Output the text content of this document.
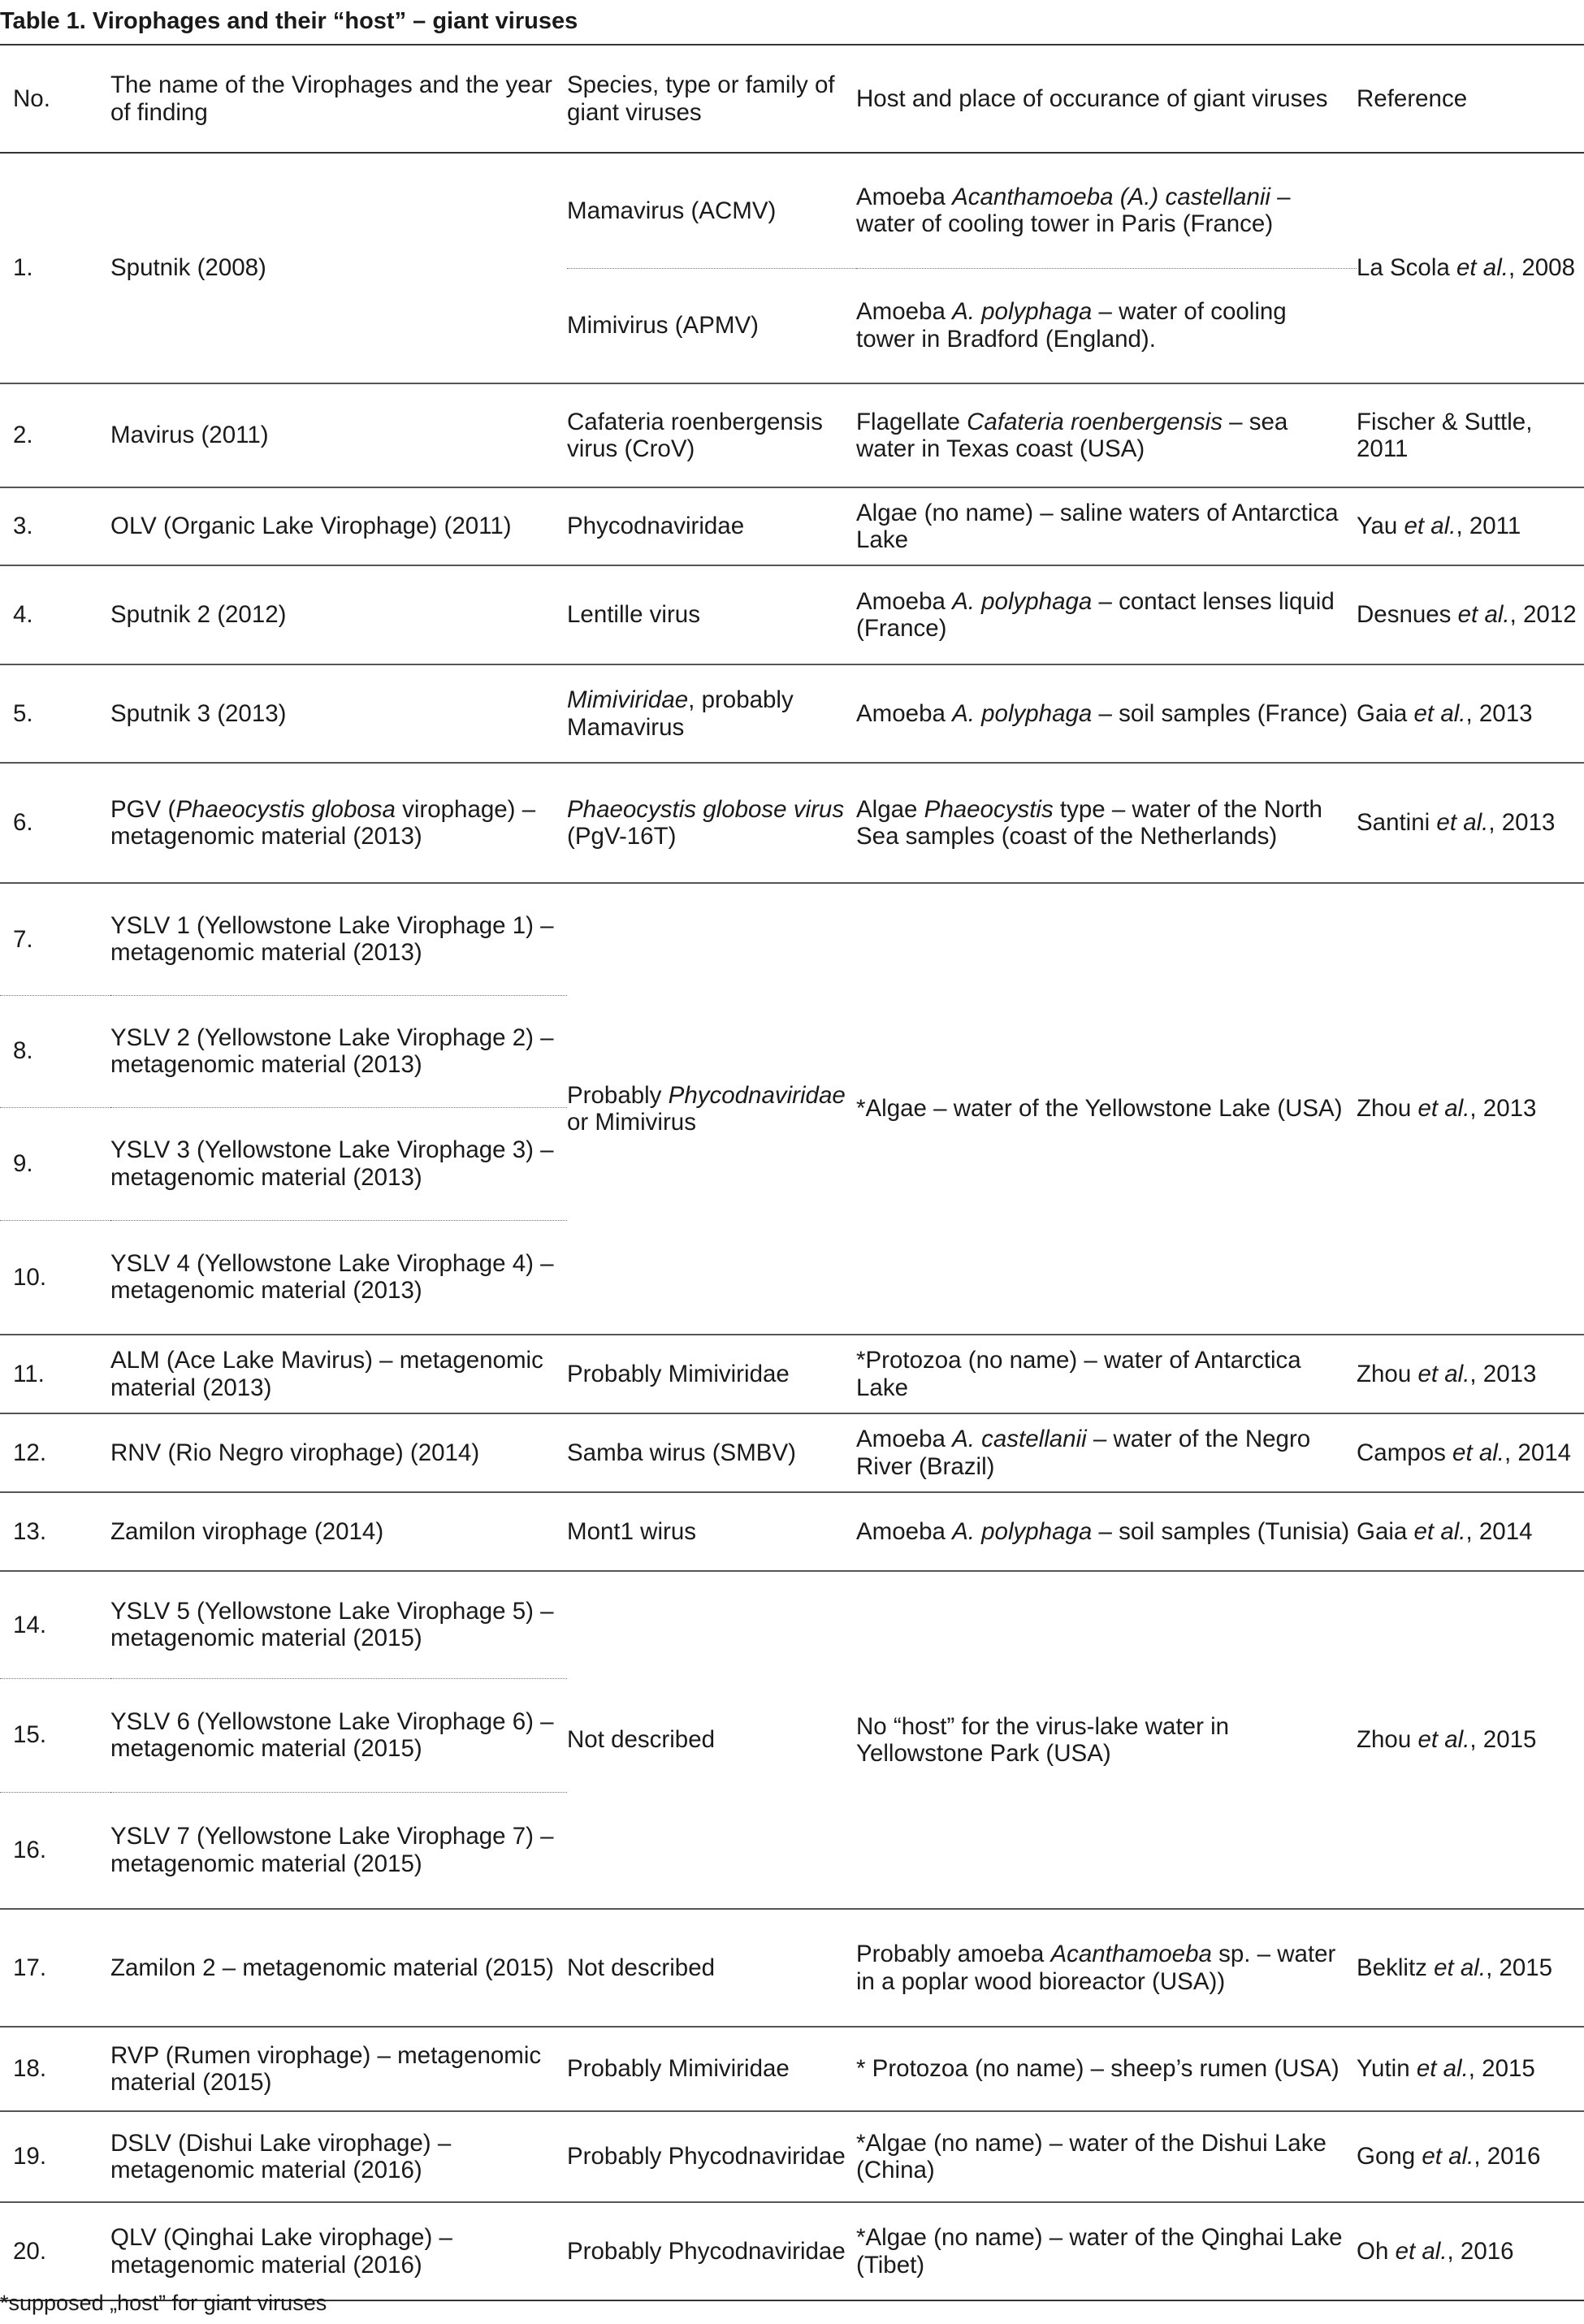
Table 1. Virophages and their “host” – giant viruses
No.	The name of the Virophages and the year of finding	Species, type or family of giant viruses	Host and place of occurance of giant viruses	Reference
1.	Sputnik (2008)	Mamavirus (ACMV)	Amoeba Acanthamoeba (A.) castellanii – water of cooling tower in Paris (France)	La Scola et al., 2008
		Mimivirus (APMV)	Amoeba A. polyphaga – water of cooling tower in Bradford (England).	
2.	Mavirus (2011)	Cafateria roenbergensis virus (CroV)	Flagellate Cafateria roenbergensis – sea water in Texas coast (USA)	Fischer & Suttle, 2011
3.	OLV (Organic Lake Virophage) (2011)	Phycodnaviridae	Algae (no name) – saline waters of Antarctica Lake	Yau et al., 2011
4.	Sputnik 2 (2012)	Lentille virus	Amoeba A. polyphaga – contact lenses liquid (France)	Desnues et al., 2012
5.	Sputnik 3 (2013)	Mimiviridae, probably Mamavirus	Amoeba A. polyphaga – soil samples (France)	Gaia et al., 2013
6.	PGV (Phaeocystis globosa virophage) – metagenomic material (2013)	Phaeocystis globose virus (PgV-16T)	Algae Phaeocystis type – water of the North Sea samples (coast of the Netherlands)	Santini et al., 2013
7.	YSLV 1 (Yellowstone Lake Virophage 1) – metagenomic material (2013)	Probably Phycodnaviridae or Mimivirus	*Algae – water of the Yellowstone Lake (USA)	Zhou et al., 2013
8.	YSLV 2 (Yellowstone Lake Virophage 2) – metagenomic material (2013)			
9.	YSLV 3 (Yellowstone Lake Virophage 3) – metagenomic material (2013)			
10.	YSLV 4 (Yellowstone Lake Virophage 4) – metagenomic material (2013)			
11.	ALM (Ace Lake Mavirus) – metagenomic material (2013)	Probably Mimiviridae	*Protozoa (no name) – water of Antarctica Lake	Zhou et al., 2013
12.	RNV (Rio Negro virophage) (2014)	Samba wirus (SMBV)	Amoeba A. castellanii – water of the Negro River (Brazil)	Campos et al., 2014
13.	Zamilon virophage (2014)	Mont1 wirus	Amoeba A. polyphaga – soil samples (Tunisia)	Gaia et al., 2014
14.	YSLV 5 (Yellowstone Lake Virophage 5) – metagenomic material (2015)	Not described	No “host” for the virus-lake water in Yellowstone Park (USA)	Zhou et al., 2015
15.	YSLV 6 (Yellowstone Lake Virophage 6) – metagenomic material (2015)			
16.	YSLV 7 (Yellowstone Lake Virophage 7) – metagenomic material (2015)			
17.	Zamilon 2 – metagenomic material (2015)	Not described	Probably amoeba Acanthamoeba sp. – water in a poplar wood bioreactor (USA))	Beklitz et al., 2015
18.	RVP (Rumen virophage) – metagenomic material (2015)	Probably Mimiviridae	* Protozoa (no name) – sheep’s rumen (USA)	Yutin et al., 2015
19.	DSLV (Dishui Lake virophage) – metagenomic material (2016)	Probably Phycodnaviridae	*Algae (no name) – water of the Dishui Lake (China)	Gong et al., 2016
20.	QLV (Qinghai Lake virophage) – metagenomic material (2016)	Probably Phycodnaviridae	*Algae (no name) – water of the Qinghai Lake (Tibet)	Oh et al., 2016
*supposed „host” for giant viruses
